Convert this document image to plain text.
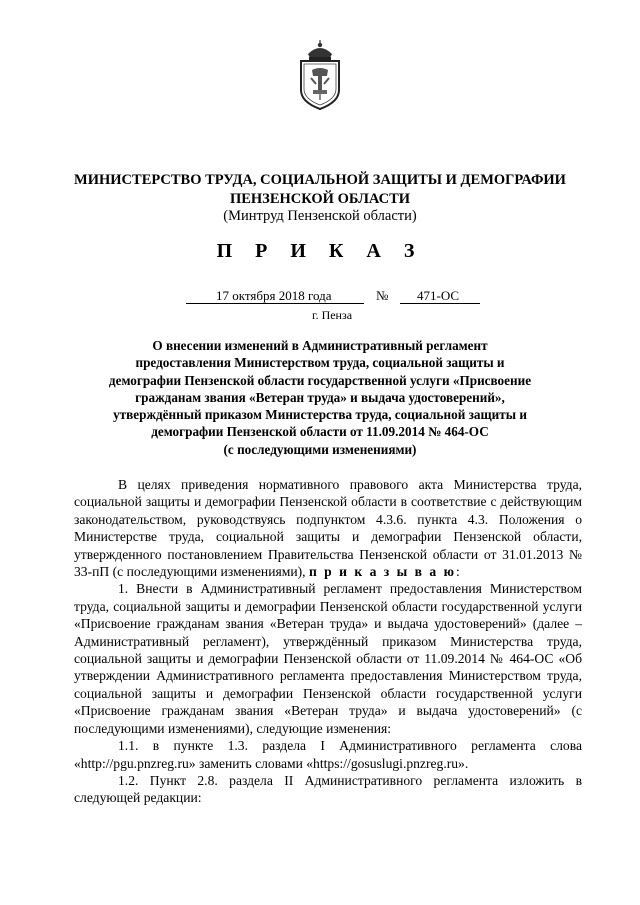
МИНИСТЕРСТВО ТРУДА, СОЦИАЛЬНОЙ ЗАЩИТЫ И ДЕМОГРАФИИ
ПЕНЗЕНСКОЙ ОБЛАСТИ
(Минтруд Пензенской области)
П Р И К А З
17 октября 2018 года	№ 471-ОС
г. Пенза
О внесении изменений в Административный регламент
предоставления Министерством труда, социальной защиты и
демографии Пензенской области государственной услуги «Присвоение
гражданам звания «Ветеран труда» и выдача удостоверений»,
утверждённый приказом Министерства труда, социальной защиты и
демографии Пензенской области от 11.09.2014 № 464-ОС
(с последующими изменениями)

В целях приведения нормативного правового акта Министерства труда, социальной защиты и демографии Пензенской области в соответствие с действующим законодательством, руководствуясь подпунктом 4.3.6. пункта 4.3. Положения о Министерстве труда, социальной защиты и демографии Пензенской области, утвержденного постановлением Правительства Пензенской области от 31.01.2013 № 33-пП (с последующими изменениями), п р и к а з ы в а ю:

1. Внести в Административный регламент предоставления Министерством труда, социальной защиты и демографии Пензенской области государственной услуги «Присвоение гражданам звания «Ветеран труда» и выдача удостоверений» (далее – Административный регламент), утверждённый приказом Министерства труда, социальной защиты и демографии Пензенской области от 11.09.2014 № 464-ОС «Об утверждении Административного регламента предоставления Министерством труда, социальной защиты и демографии Пензенской области государственной услуги «Присвоение гражданам звания «Ветеран труда» и выдача удостоверений» (с последующими изменениями), следующие изменения:

1.1. в пункте 1.3. раздела I Административного регламента слова «http://pgu.pnzreg.ru» заменить словами «https://gosuslugi.pnzreg.ru».

1.2. Пункт 2.8. раздела II Административного регламента изложить в следующей редакции:
